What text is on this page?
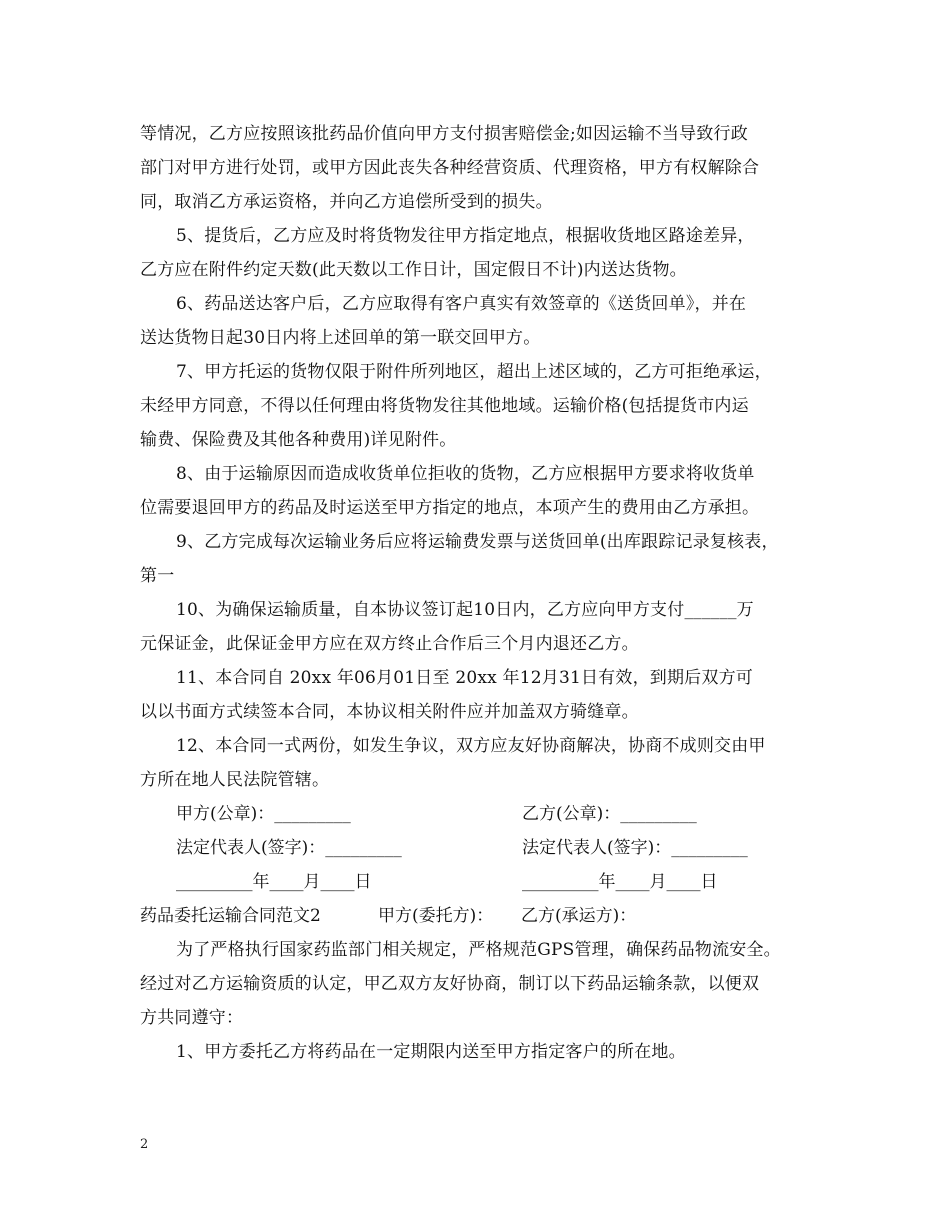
等情况，乙方应按照该批药品价值向甲方支付损害赔偿金;如因运输不当导致行政
部门对甲方进行处罚，或甲方因此丧失各种经营资质、代理资格，甲方有权解除合
同，取消乙方承运资格，并向乙方追偿所受到的损失。
5、提货后，乙方应及时将货物发往甲方指定地点，根据收货地区路途差异，
乙方应在附件约定天数(此天数以工作日计，国定假日不计)内送达货物。
6、药品送达客户后，乙方应取得有客户真实有效签章的《送货回单》，并在
送达货物日起30日内将上述回单的第一联交回甲方。
7、甲方托运的货物仅限于附件所列地区，超出上述区域的，乙方可拒绝承运，
未经甲方同意，不得以任何理由将货物发往其他地域。运输价格(包括提货市内运
输费、保险费及其他各种费用)详见附件。
8、由于运输原因而造成收货单位拒收的货物，乙方应根据甲方要求将收货单
位需要退回甲方的药品及时运送至甲方指定的地点，本项产生的费用由乙方承担。
9、乙方完成每次运输业务后应将运输费发票与送货回单(出库跟踪记录复核表，
第一
10、为确保运输质量，自本协议签订起10日内，乙方应向甲方支付______万
元保证金，此保证金甲方应在双方终止合作后三个月内退还乙方。
11、本合同自 20xx 年06月01日至 20xx 年12月31日有效，到期后双方可
以以书面方式续签本合同，本协议相关附件应并加盖双方骑缝章。
12、本合同一式两份，如发生争议，双方应友好协商解决，协商不成则交由甲
方所在地人民法院管辖。
甲方(公章)：_________	乙方(公章)：_________
法定代表人(签字)：_________	法定代表人(签字)：_________
_________年____月____日	_________年____月____日
药品委托运输合同范文2	甲方(委托方)： 乙方(承运方)：
为了严格执行国家药监部门相关规定，严格规范GPS管理，确保药品物流安全。
经过对乙方运输资质的认定，甲乙双方友好协商，制订以下药品运输条款，以便双
方共同遵守：
1、甲方委托乙方将药品在一定期限内送至甲方指定客户的所在地。
2
